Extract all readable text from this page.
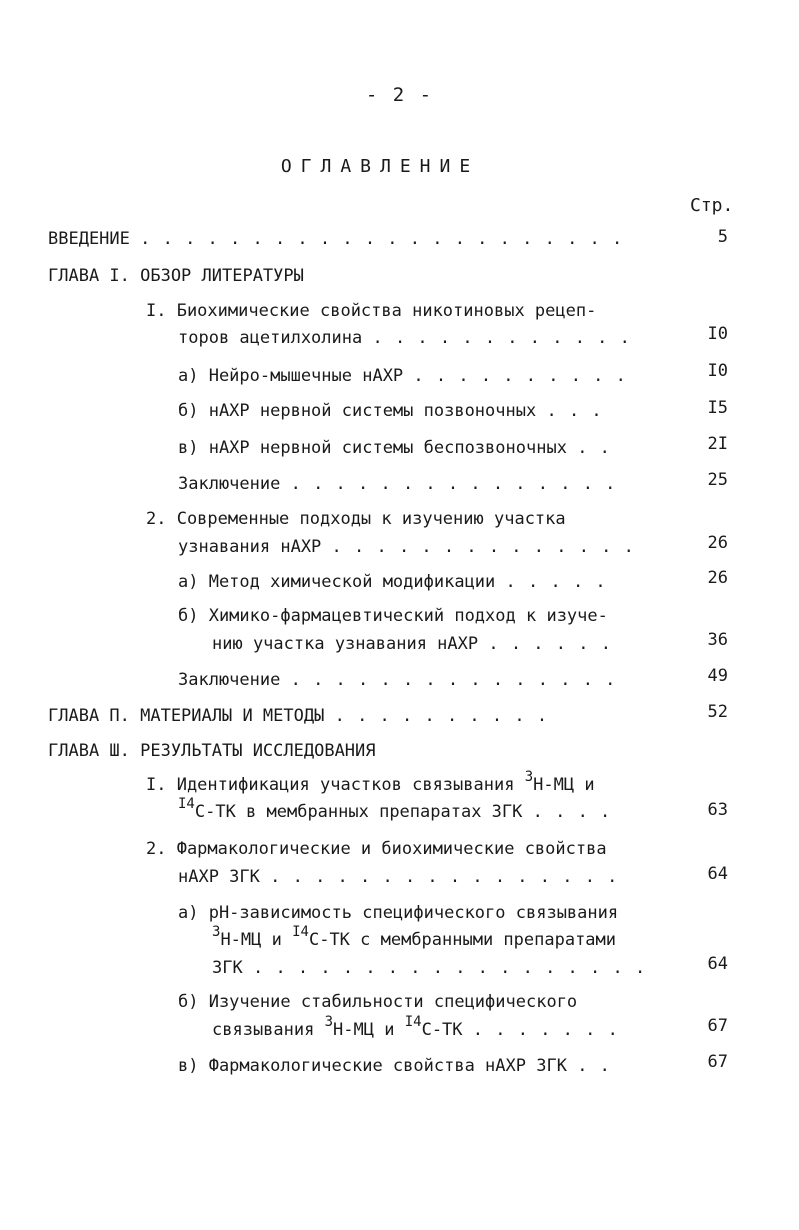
- 2 -
ОГЛАВЛЕНИЕ
Стр.
ВВЕДЕНИЕ . . . . . . . . . . . . . . . . . . . . . .	5
ГЛАВА I. ОБЗОР ЛИТЕРАТУРЫ
I. Биохимические свойства никотиновых рецеп-
торов ацетилхолина . . . . . . . . . . . .	I0
а) Нейро-мышечные нАХР . . . . . . . . . .	I0
б) нАХР нервной системы позвоночных . . .	I5
в) нАХР нервной системы беспозвоночных . .	2I
Заключение . . . . . . . . . . . . . . .	25
2. Современные подходы к изучению участка
узнавания нАХР . . . . . . . . . . . . . .	26
а) Метод химической модификации . . . . .	26
б) Химико-фармацевтический подход к изуче-
нию участка узнавания нАХР . . . . . .	36
Заключение . . . . . . . . . . . . . . .	49
ГЛАВА П. МАТЕРИАЛЫ И МЕТОДЫ . . . . . . . . . .	52
ГЛАВА Ш. РЕЗУЛЬТАТЫ ИССЛЕДОВАНИЯ
I. Идентификация участков связывания $^3$Н-МЦ и
$^{I4}$С-ТК в мембранных препаратах ЗГК . . . .	63
2. Фармакологические и биохимические свойства
нАХР ЗГК . . . . . . . . . . . . . . . .	64
а) рН-зависимость специфического связывания
$^3$Н-МЦ и $^{I4}$С-ТК с мембранными препаратами
ЗГК . . . . . . . . . . . . . . . . . .	64
б) Изучение стабильности специфического
связывания $^3$Н-МЦ и $^{I4}$С-ТК . . . . . . .	67
в) Фармакологические свойства нАХР ЗГК . .	67
